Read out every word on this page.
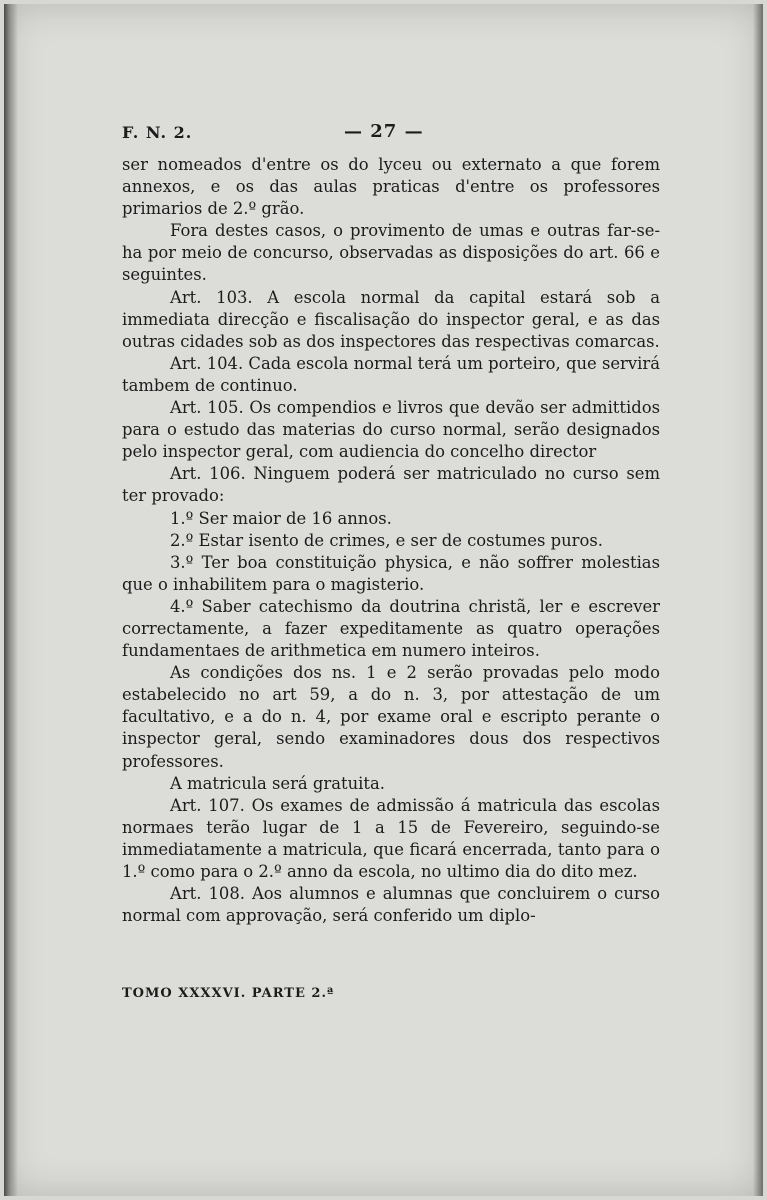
F. N. 2.	— 27 —

ser nomeados d'entre os do lyceu ou externato a que forem annexos, e os das aulas praticas d'entre os professores primarios de 2.º grão.

Fora destes casos, o provimento de umas e outras far-se-ha por meio de concurso, observadas as disposições do art. 66 e seguintes.

Art. 103. A escola normal da capital estará sob a immediata direcção e fiscalisação do inspector geral, e as das outras cidades sob as dos inspectores das respectivas comarcas.

Art. 104. Cada escola normal terá um porteiro, que servirá tambem de continuo.

Art. 105. Os compendios e livros que devão ser admittidos para o estudo das materias do curso normal, serão designados pelo inspector geral, com audiencia do concelho director

Art. 106. Ninguem poderá ser matriculado no curso sem ter provado:

1.º Ser maior de 16 annos.

2.º Estar isento de crimes, e ser de costumes puros.

3.º Ter boa constituição physica, e não soffrer molestias que o inhabilitem para o magisterio.

4.º Saber catechismo da doutrina christã, ler e escrever correctamente, a fazer expeditamente as quatro operações fundamentaes de arithmetica em numero inteiros.

As condições dos ns. 1 e 2 serão provadas pelo modo estabelecido no art 59, a do n. 3, por attestação de um facultativo, e a do n. 4, por exame oral e escripto perante o inspector geral, sendo examinadores dous dos respectivos professores.

A matricula será gratuita.

Art. 107. Os exames de admissão á matricula das escolas normaes terão lugar de 1 a 15 de Fevereiro, seguindo-se immediatamente a matricula, que ficará encerrada, tanto para o 1.º como para o 2.º anno da escola, no ultimo dia do dito mez.

Art. 108. Aos alumnos e alumnas que concluirem o curso normal com approvação, será conferido um diplo-

TOMO XXXXVI. PARTE 2.ª
